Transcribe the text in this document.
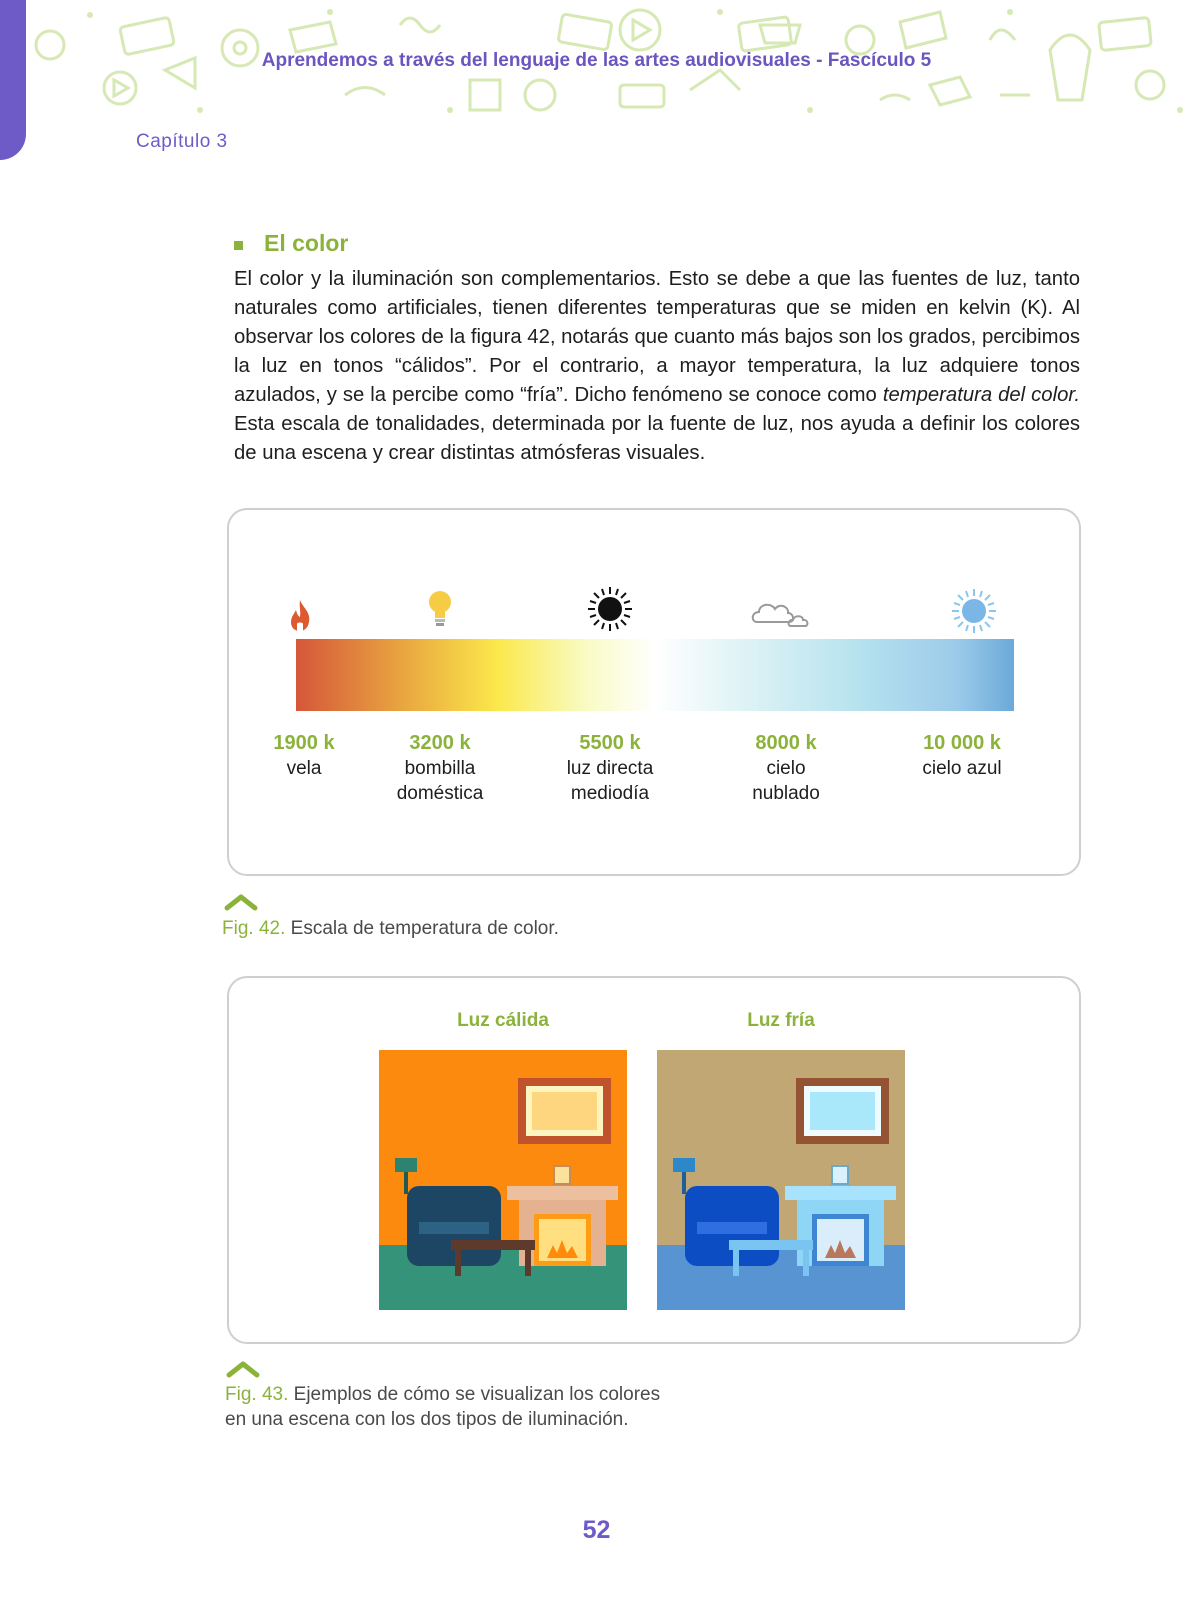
Aprendemos a través del lenguaje de las artes audiovisuales - Fascículo 5
Capítulo 3
El color
El color y la iluminación son complementarios. Esto se debe a que las fuentes de luz, tanto naturales como artificiales, tienen diferentes temperaturas que se miden en kelvin (K). Al observar los colores de la figura 42, notarás que cuanto más bajos son los grados, percibimos la luz en tonos “cálidos”. Por el contrario, a mayor temperatura, la luz adquiere tonos azulados, y se la percibe como “fría”. Dicho fenómeno se conoce como temperatura del color. Esta escala de tonalidades, determinada por la fuente de luz, nos ayuda a definir los colores de una escena y crear distintas atmósferas visuales.
1900 k
vela
3200 k
bombilla
doméstica
5500 k
luz directa
mediodía
8000 k
cielo
nublado
10 000 k
cielo azul
Fig. 42. Escala de temperatura de color.
Luz cálida	Luz fría
Fig. 43. Ejemplos de cómo se visualizan los colores
en una escena con los dos tipos de iluminación.
52
